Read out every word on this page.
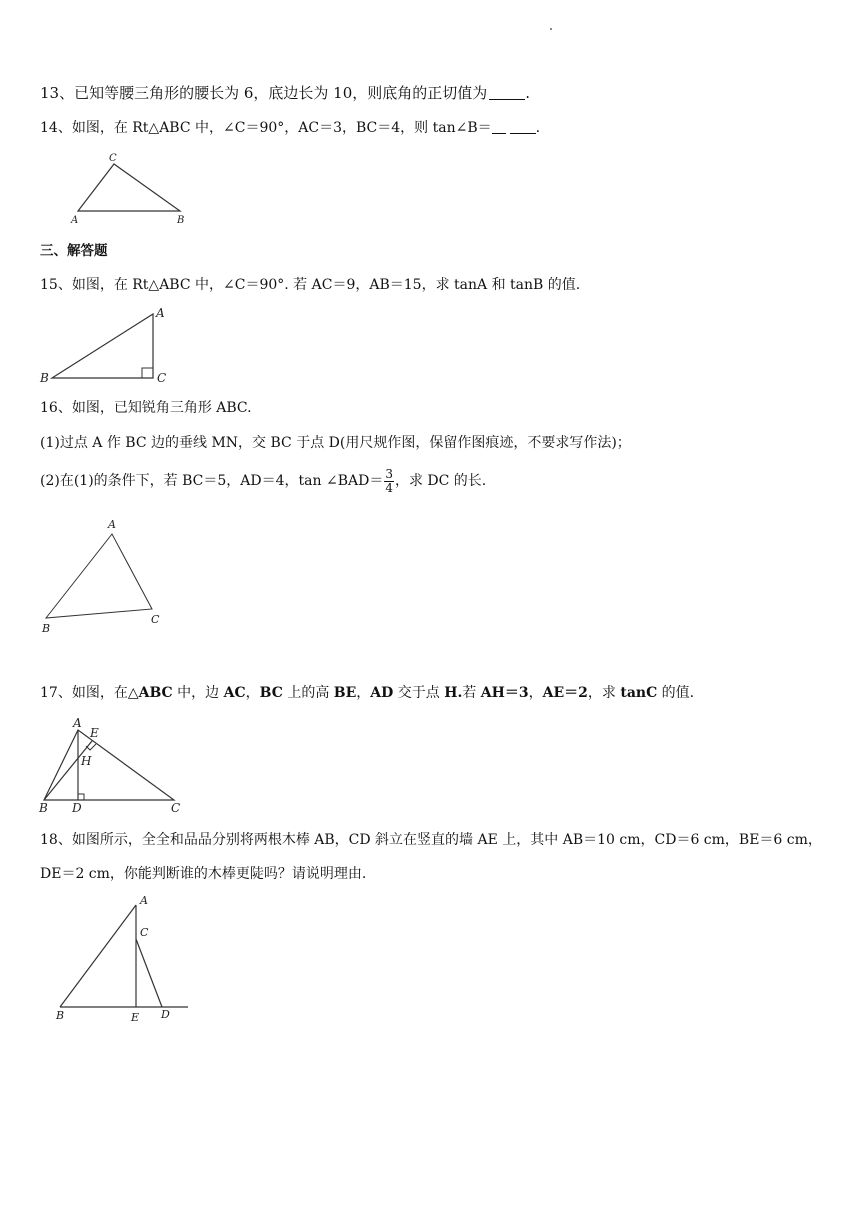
13、已知等腰三角形的腰长为 6，底边长为 10，则底角的正切值为	.
14、如图，在 Rt△ABC 中，∠C＝90°，AC＝3，BC＝4，则 tan∠B＝	.
C
A	B
三、解答题
15、如图，在 Rt△ABC 中，∠C＝90°. 若 AC＝9，AB＝15，求 tanA 和 tanB 的值.
A
B	C
16、如图，已知锐角三角形 ABC.
(1)过点 A 作 BC 边的垂线 MN，交 BC 于点 D(用尺规作图，保留作图痕迹，不要求写作法)；
(2)在(1)的条件下，若 BC＝5，AD＝4，tan ∠BAD＝ $\frac{3}{4}$ ，求 DC 的长.
A
B
C
17、如图，在△ABC 中，边 AC，BC 上的高 BE，AD 交于点 H.若 AH＝3，AE＝2，求 tanC 的值.
A
E
H
B D	C
18、如图所示，全全和品品分别将两根木棒 AB，CD 斜立在竖直的墙 AE 上，其中 AB＝10 cm，CD＝6 cm，BE＝6 cm，
DE＝2 cm，你能判断谁的木棒更陡吗？请说明理由.
A
C
B	E D
